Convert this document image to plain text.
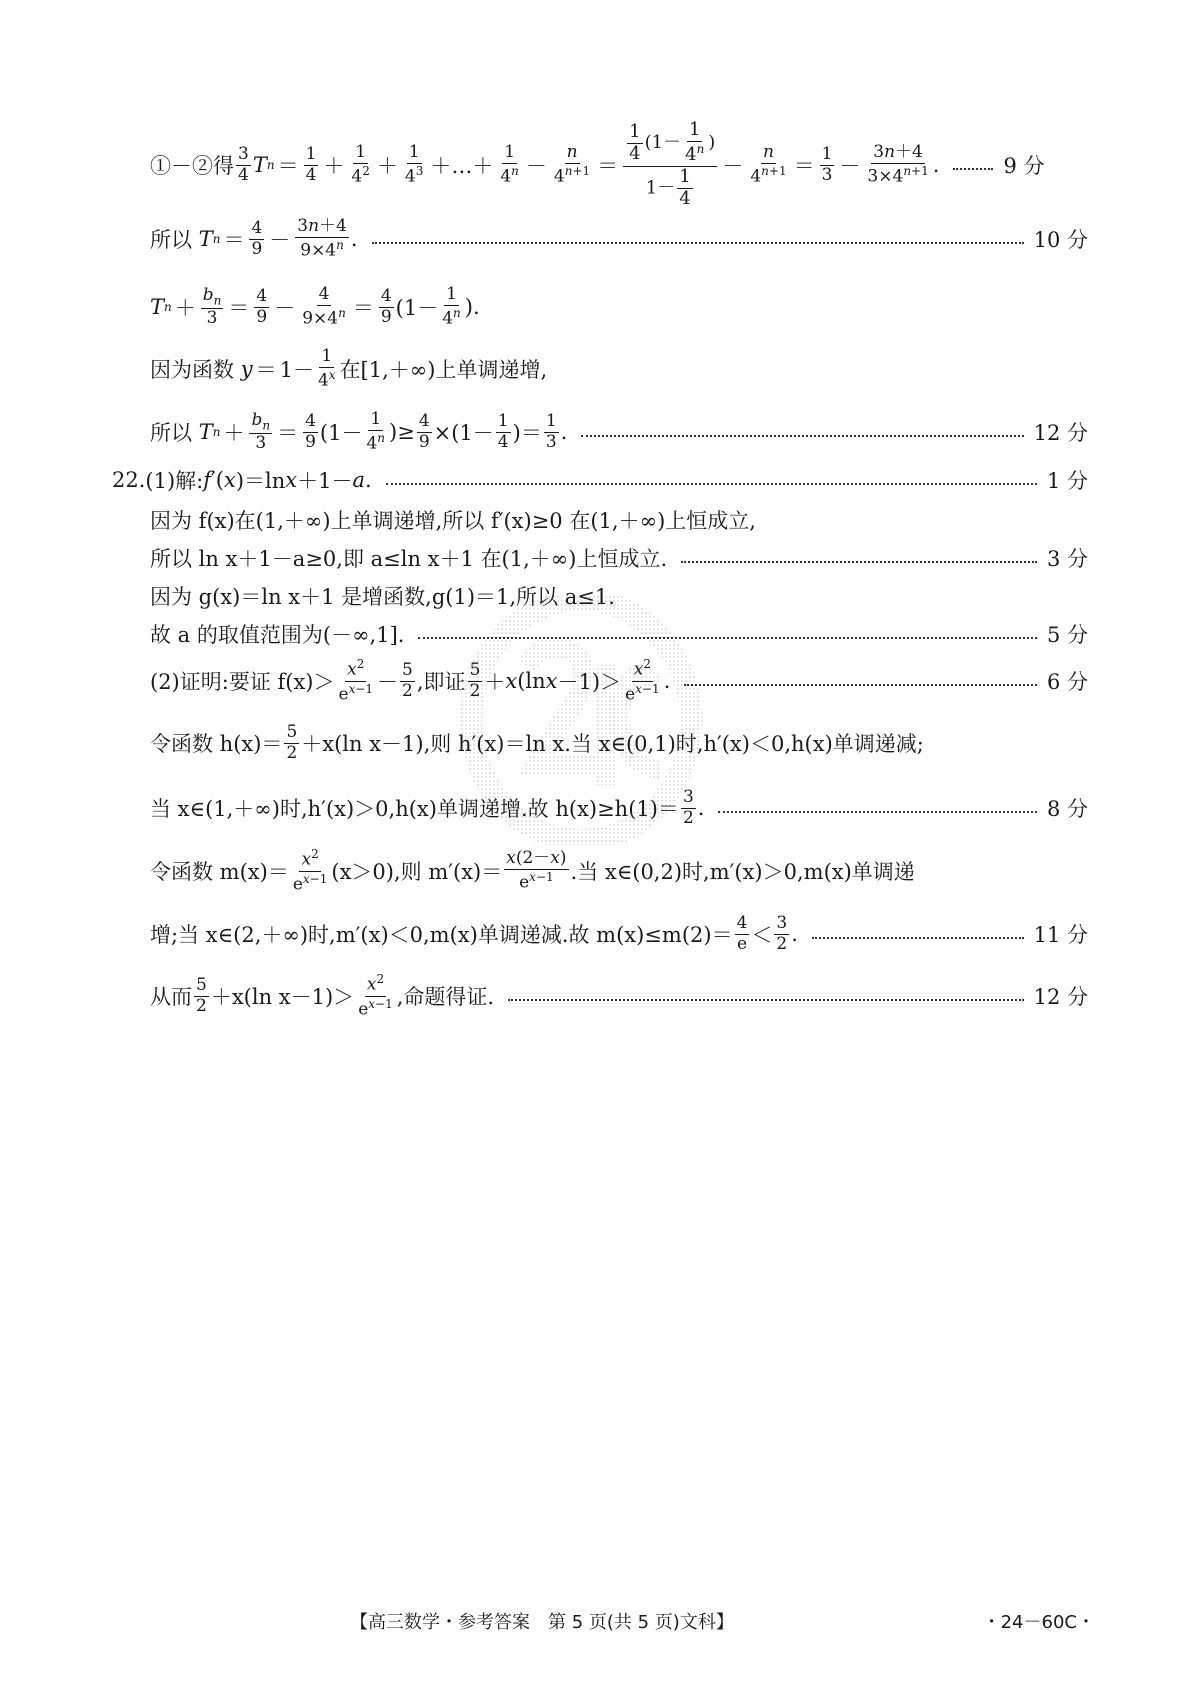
①－②得 $\frac{3}{4}$ T $n = \frac{1}{4} + \frac{1}{4^2} + \frac{1}{4^3}$ ＋…＋ $\frac{1}{4^n} - \frac{n}{4^{n+1}} = \frac{\frac{1}{4} (1- \frac{1}{4^n} )}{1- \frac{1}{4}} - \frac{n}{4^{n+1}} = \frac{1}{3} - \frac{3n+4}{3\times 4^{n+1}}$ .	9 分
所以
T $n = \frac{4}{9} - \frac{3n+4}{9\times 4^n}$ .	10 分
T $n + \frac{b_n}{3} = \frac{4}{9} - \frac{4}{9\times 4^n} = \frac{4}{9} (1- \frac{1}{4^n}$ ).
因为函数
$y = 1- \frac{1}{4^x}$ 在[1,＋∞)上单调递增,
所以
T $n + \frac{b_n}{3} = \frac{4}{9} (1- \frac{1}{4^n}$ )≥ $\frac{4}{9} \times(1- \frac{1}{4}$ )＝ $\frac{1}{3}$ .	12 分
22. (1)解: f ′( x )＝ln x ＋1－ a .	1 分
因为 f(x)在(1,＋∞)上单调递增,所以 f′(x)≥0 在(1,＋∞)上恒成立,
所以 ln x＋1－a≥0,即 a≤ln x＋1 在(1,＋∞)上恒成立.	3 分
因为 g(x)＝ln x＋1 是增函数,g(1)＝1,所以 a≤1.
故 a 的取值范围为(－∞,1].	5 分
(2)证明:要证 $f(x)> \frac{x^2}{e^{x-1}} - \frac{5}{2}$ ,即证 $\frac{5}{2} + x$ (ln $x -1)> \frac{x^2}{e^{x-1}}$ .	6 分
令函数 $h(x)= \frac{5}{2} +x(\ln$ x－1),则 h′(x)＝ln x.当 x∈(0,1)时,h′(x)＜0,h(x)单调递减;
当 x∈(1,＋∞)时,h′(x)＞0,h(x)单调递增.故 $h(x)\ge h(1)= \frac{3}{2}$ .	8 分
令函数 $m(x)= \frac{x^2}{e^{x-1}} (x>0)$,则 $m'(x)= \frac{x(2-x)}{e^{x-1}}$ .当 x∈(0,2)时,m′(x)＞0,m(x)单调递
增;当 x∈(2,＋∞)时,m′(x)＜0,m(x)单调递减.故 $m(x)\le m(2)= \frac{4}{e} < \frac{3}{2}$ .	11 分
从而 $\frac{5}{2} +x(\ln$ $x-1)> \frac{x^2}{e^{x-1}}$ ,命题得证.	12 分
【高三数学・参考答案　第 5 页(共 5 页)文科】	・24－60C・
